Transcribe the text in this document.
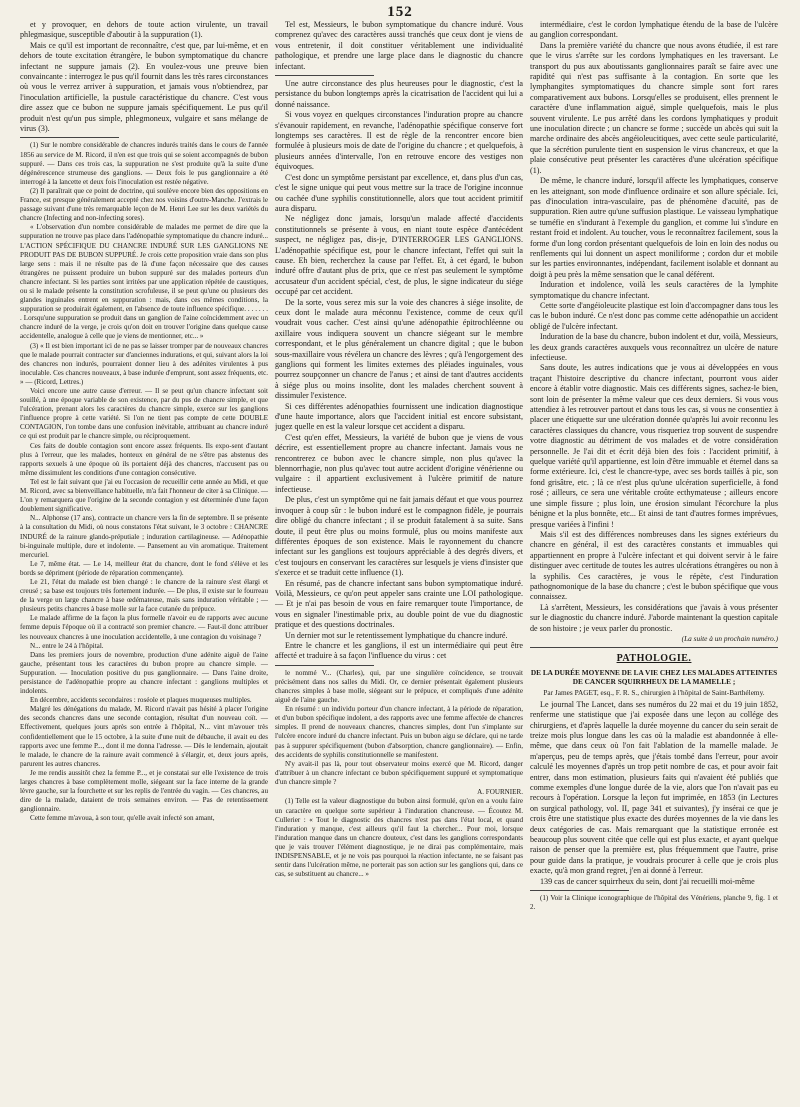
152

et y provoquer, en dehors de toute action virulente, un travail phlegmasique, susceptible d'aboutir à la suppuration (1).

Mais ce qu'il est important de reconnaître, c'est que, par lui-même, et en dehors de toute excitation étrangère, le bubon symptomatique du chancre infectant ne suppure jamais (2). En voulez-vous une preuve bien convaincante : interrogez le pus qu'il fournit dans les très rares circonstances où vous le verrez arriver à suppuration, et jamais vous n'obtiendrez, par l'inoculation artificielle, la pustule caractéristique du chancre. C'est vous dire assez que ce bubon ne suppure jamais spécifiquement. Le pus qu'il produit n'est qu'un pus simple, phlegmoneux, vulgaire et sans mélange de virus (3).

(1) Sur le nombre considérable de chancres indurés traités dans le cours de l'année 1856 au service de M. Ricord, il n'en est que trois qui se soient accompagnés de bubon suppuré. — Dans ces trois cas, la suppuration ne s'est produite qu'à la suite d'une dégénérescence strumeuse des ganglions. — Deux fois le pus ganglionnaire a été interrogé à la lancette et deux fois l'inoculation est restée négative.

(2) Il paraîtrait que ce point de doctrine, qui soulève encore bien des oppositions en France, est presque généralement accepté chez nos voisins d'outre-Manche. J'extrais le passage suivant d'une très remarquable leçon de M. Henri Lee sur les deux variétés du chancre (Infecting and non-infecting sores).

« L'observation d'un nombre considérable de malades me permet de dire que la suppuration ne trouve pas place dans l'adénopathie symptomatique du chancre induré... L'ACTION SPÉCIFIQUE DU CHANCRE INDURÉ SUR LES GANGLIONS NE PRODUIT PAS DE BUBON SUPPURÉ. Je crois cette proposition vraie dans son plus large sens : mais il ne résulte pas de là d'une façon nécessaire que des causes étrangères ne puissent produire un bubon suppuré sur des malades porteurs d'un chancre infectant. Si les parties sont irritées par une application répétée de caustiques, ou si le malade présente la constitution scrofuleuse, il se peut qu'une ou plusieurs des glandes inguinales entrent en suppuration : mais, dans ces mêmes conditions, la suppuration se produirait également, en l'absence de toute influence spécifique. . . . . . . . Lorsqu'une suppuration se produit dans un ganglion de l'aine coïncidemment avec un chancre induré de la verge, je crois qu'on doit en trouver l'origine dans quelque cause accidentelle, analogue à celle que je viens de mentionner, etc... »

(3) « Il est bien important ici de ne pas se laisser tromper par de nouveaux chancres que le malade pourrait contracter sur d'anciennes indurations, et qui, suivant alors la loi des chancres non indurés, pourraient donner lieu à des adénites virulentes à pus inoculable. Ces chancres nouveaux, à base indurée d'emprunt, sont assez fréquents, etc. » — (Ricord, Lettres.)

Voici encore une autre cause d'erreur. — Il se peut qu'un chancre infectant soit souillé, à une époque variable de son existence, par du pus de chancre simple, et que l'ulcération, prenant alors les caractères du chancre simple, exerce sur les ganglions l'influence propre à cette variété. Si l'on ne tient pas compte de cette DOUBLE CONTAGION, l'on tombe dans une confusion inévitable, attribuant au chancre induré ce qui est produit par le chancre simple, ou réciproquement.

Ces faits de double contagion sont encore assez fréquents. Ils expo-sent d'autant plus à l'erreur, que les malades, honteux en général de ne s'être pas abstenus des rapports sexuels à une époque où ils portaient déjà des chancres, n'accusent pas ou même dissimulent les conditions d'une contagion consécutive.

Tel est le fait suivant que j'ai eu l'occasion de recueillir cette année au Midi, et que M. Ricord, avec sa bienveillance habituelle, m'a fait l'honneur de citer à sa Clinique. — L'on y remarquera que l'origine de la seconde contagion y est déterminée d'une façon doublement significative.

N... Alphonse (17 ans), contracte un chancre vers la fin de septembre. Il se présente à la consultation du Midi, où nous constatons l'état suivant, le 3 octobre : CHANCRE INDURÉ de la rainure glando-préputiale ; induration cartilagineuse. — Adénopathie bi-inguinale multiple, dure et indolente. — Pansement au vin aromatique. Traitement mercuriel.

Le 7, même état. — Le 14, meilleur état du chancre, dont le fond s'élève et les bords se dépriment (période de réparation commençante).

Le 21, l'état du malade est bien changé : le chancre de la rainure s'est élargi et creusé ; sa base est toujours très fortement indurée. — De plus, il existe sur le fourreau de la verge un large chancre à base œdémateuse, mais sans induration véritable ; — plusieurs petits chancres à base molle sur la face cutanée du prépuce.

Le malade affirme de la façon la plus formelle n'avoir eu de rapports avec aucune femme depuis l'époque où il a contracté son premier chancre. — Faut-il donc attribuer les nouveaux chancres à une inoculation accidentelle, à une contagion du voisinage ?

N... entre le 24 à l'hôpital.

Dans les premiers jours de novembre, production d'une adénite aiguë de l'aine gauche, présentant tous les caractères du bubon propre au chancre simple. — Suppuration. — Inoculation positive du pus ganglionnaire. — Dans l'aine droite, persistance de l'adénopathie propre au chancre infectant : ganglions multiples et indolents.

En décembre, accidents secondaires : roséole et plaques muqueuses multiples.

Malgré les dénégations du malade, M. Ricord n'avait pas hésité à placer l'origine des seconds chancres dans une seconde contagion, résultat d'un nouveau coït. — Effectivement, quelques jours après son entrée à l'hôpital, N... vint m'avouer très confidentiellement que le 15 octobre, à la suite d'une nuit de débauche, il avait eu des rapports avec une femme P..., dont il me donna l'adresse. — Dès le lendemain, ajoutait le malade, le chancre de la rainure avait commencé à s'élargir, et, deux jours après, parurent les autres chancres.

Je me rendis aussitôt chez la femme P..., et je constatai sur elle l'existence de trois larges chancres à base complètement molle, siégeant sur la face interne de la grande lèvre gauche, sur la fourchette et sur les replis de l'entrée du vagin. — Ces chancres, au dire de la malade, dataient de trois semaines environ. — Pas de retentissement ganglionnaire.

Cette femme m'avoua, à son tour, qu'elle avait infecté son amant,

Tel est, Messieurs, le bubon symptomatique du chancre induré. Vous comprenez qu'avec des caractères aussi tranchés que ceux dont je viens de vous entretenir, il doit constituer véritablement une individualité pathologique, et prendre une large place dans le diagnostic du chancre infectant.

Une autre circonstance des plus heureuses pour le diagnostic, c'est la persistance du bubon longtemps après la cicatrisation de l'accident qui lui a donné naissance.

Si vous voyez en quelques circonstances l'induration propre au chancre s'évanouir rapidement, en revanche, l'adénopathie spécifique conserve fort longtemps ses caractères. Il est de règle de la rencontrer encore bien formulée à plusieurs mois de date de l'origine du chancre ; et quelquefois, à plusieurs années d'intervalle, l'on en retrouve encore des vestiges non équivoques.

C'est donc un symptôme persistant par excellence, et, dans plus d'un cas, c'est le signe unique qui peut vous mettre sur la trace de l'origine inconnue ou cachée d'une syphilis constitutionnelle, alors que tout accident primitif aura disparu.

Ne négligez donc jamais, lorsqu'un malade affecté d'accidents constitutionnels se présente à vous, en niant toute espèce d'antécédent suspect, ne négligez pas, dis-je, D'INTERROGER LES GANGLIONS. L'adénopathie spécifique est, pour le chancre infectant, l'effet qui suit la cause. Eh bien, recherchez la cause par l'effet. Et, à cet égard, le bubon induré offre d'autant plus de prix, que ce n'est pas seulement le symptôme accusateur d'un accident spécial, c'est, de plus, le signe indicateur du siége occupé par cet accident.

De la sorte, vous serez mis sur la voie des chancres à siége insolite, de ceux dont le malade aura méconnu l'existence, comme de ceux qu'il voudrait vous cacher. C'est ainsi qu'une adénopathie épitrochléenne ou axillaire vous indiquera souvent un chancre siégeant sur le membre correspondant, et le plus généralement un chancre digital ; que le bubon sous-maxillaire vous révélera un chancre des lèvres ; qu'à l'engorgement des ganglions qui forment les limites externes des pléiades inguinales, vous pourrez soupçonner un chancre de l'anus ; et ainsi de tant d'autres accidents à siége plus ou moins insolite, dont les malades cherchent souvent à dissimuler l'existence.

Si ces différentes adénopathies fournissent une indication diagnostique d'une haute importance, alors que l'accident initial est encore subsistant, jugez quelle en est la valeur lorsque cet accident a disparu.

C'est qu'en effet, Messieurs, la variété de bubon que je viens de vous décrire, est essentiellement propre au chancre infectant. Jamais vous ne rencontrerez ce bubon avec le chancre simple, non plus qu'avec la blennorrhagie, non plus qu'avec tout autre accident d'origine vénérienne ou vulgaire : il appartient exclusivement à l'ulcère primitif de nature infectieuse.

De plus, c'est un symptôme qui ne fait jamais défaut et que vous pourrez invoquer à coup sûr : le bubon induré est le compagnon fidèle, je pourrais dire obligé du chancre infectant ; il se produit fatalement à sa suite. Sans doute, il peut être plus ou moins formulé, plus ou moins manifeste aux différentes époques de son existence. Mais le rayonnement du chancre infectant sur les ganglions est toujours appréciable à des degrés divers, et c'est toujours en conservant les caractères sur lesquels je viens d'insister que s'exerce et se traduit cette influence (1).

En résumé, pas de chancre infectant sans bubon symptomatique induré. Voilà, Messieurs, ce qu'on peut appeler sans crainte une LOI pathologique. — Et je n'ai pas besoin de vous en faire remarquer toute l'importance, de vous en signaler l'inestimable prix, au double point de vue du diagnostic pratique et des questions doctrinales.

Un dernier mot sur le retentissement lymphatique du chancre induré.

Entre le chancre et les ganglions, il est un intermédiaire qui peut être affecté et traduire à sa façon l'influence du virus : cet

le nommé V... (Charles), qui, par une singulière coïncidence, se trouvait précisément dans nos salles du Midi. Or, ce dernier présentait également plusieurs chancres simples à base molle, siégeant sur le prépuce, et compliqués d'une adénite aiguë de l'aine gauche.

En résumé : un individu porteur d'un chancre infectant, à la période de réparation, et d'un bubon spécifique indolent, a des rapports avec une femme affectée de chancres simples. Il prend de nouveaux chancres, chancres simples, dont l'un s'implante sur l'ulcère encore induré du chancre infectant. Puis un bubon aigu se déclare, qui ne tarde pas à suppurer spécifiquement (bubon d'absorption, chancre ganglionnaire). — Enfin, des accidents de syphilis constitutionnelle se manifestent.

N'y avait-il pas là, pour tout observateur moins exercé que M. Ricord, danger d'attribuer à un chancre infectant ce bubon spécifiquement suppuré et symptomatique d'un chancre simple ?

A. FOURNIER.

(1) Telle est la valeur diagnostique du bubon ainsi formulé, qu'on en a voulu faire un caractère en quelque sorte supérieur à l'induration chancreuse. — Écoutez M. Cullerier : « Tout le diagnostic des chancres n'est pas dans l'état local, et quand l'induration y manque, c'est ailleurs qu'il faut la chercher... Pour moi, lorsque l'induration manque dans un chancre douteux, c'est dans les ganglions correspondants que je vais trouver l'élément diagnostique, je ne dirai pas complémentaire, mais INDISPENSABLE, et je ne vois pas pourquoi la réaction infectante, ne se faisant pas sentir dans l'ulcération même, ne porterait pas son action sur les ganglions qui, dans ce cas, se substituent au chancre... »

intermédiaire, c'est le cordon lymphatique étendu de la base de l'ulcère au ganglion correspondant.

Dans la première variété du chancre que nous avons étudiée, il est rare que le virus s'arrête sur les cordons lymphatiques en les traversant. Le transport du pus aux aboutissants ganglionnaires paraît se faire avec une rapidité qui n'est pas suffisante à la contagion. En sorte que les lymphangites symptomatiques du chancre simple sont fort rares comparativement aux bubons. Lorsqu'elles se produisent, elles prennent le caractère d'une inflammation aiguë, simple quelquefois, mais le plus souvent virulente. Le pus arrêté dans les cordons lymphatiques y produit une inoculation directe ; un chancre se forme ; succède un abcès qui suit la marche ordinaire des abcès angéioleucitiques, avec cette seule particularité, que la sécrétion purulente tient en suspension le virus chancreux, et que la plaie consécutive peut présenter les caractères d'une ulcération spécifique (1).

De même, le chancre induré, lorsqu'il affecte les lymphatiques, conserve en les atteignant, son mode d'influence ordinaire et son allure spéciale. Ici, pas d'inoculation intra-vasculaire, pas de phénomène d'acuité, pas de suppuration. Rien autre qu'une suffusion plastique. Le vaisseau lymphatique se tuméfie en s'indurant à l'exemple du ganglion, et comme lui s'indure en restant froid et indolent. Au toucher, vous le reconnaîtrez facilement, sous la forme d'un long cordon présentant quelquefois de loin en loin des nodus ou renflements qui lui donnent un aspect moniliforme ; cordon dur et mobile sur les parties environnantes, indépendant, facilement isolable et donnant au doigt à peu près la même sensation que le canal déférent.

Induration et indolence, voilà les seuls caractères de la lymphite symptomatique du chancre infectant.

Cette sorte d'angéioleucite plastique est loin d'accompagner dans tous les cas le bubon induré. Ce n'est donc pas comme cette adénopathie un accident obligé de l'ulcère infectant.

Induration de la base du chancre, bubon indolent et dur, voilà, Messieurs, les deux grands caractères auxquels vous reconnaîtrez un ulcère de nature infectieuse.

Sans doute, les autres indications que je vous ai développées en vous traçant l'histoire descriptive du chancre infectant, pourront vous aider encore à établir votre diagnostic. Mais ces différents signes, sachez-le bien, sont loin de présenter la même valeur que ces deux derniers. Si vous vous attendiez à les retrouver partout et dans tous les cas, si vous ne consentiez à placer une étiquette sur une ulcération donnée qu'après lui avoir reconnu les caractères classiques du chancre, vous risqueriez trop souvent de suspendre votre diagnostic au détriment de vos malades et de votre considération personnelle. Je l'ai dit et écrit déjà bien des fois : l'accident primitif, à quelque variété qu'il appartienne, est loin d'être immuable et éternel dans sa forme extérieure. Ici, c'est le chancre-type, avec ses bords taillés à pic, son fond grisâtre, etc. ; là ce n'est plus qu'une ulcération superficielle, à fond rosé ; ailleurs, ce sera une véritable croûte ecthymateuse ; ailleurs encore une simple fissure ; plus loin, une érosion simulant l'écorchure la plus bénigne et la plus bonnête, etc... Et ainsi de tant d'autres formes imprévues, presque variées à l'infini !

Mais s'il est des différences nombreuses dans les signes extérieurs du chancre en général, il est des caractères constants et immuables qui appartiennent en propre à l'ulcère infectant et qui doivent servir à le faire distinguer avec certitude de toutes les autres ulcérations étrangères ou non à la syphilis. Ces caractères, je vous le répète, c'est l'induration pathognomonique de la base du chancre ; c'est le bubon spécifique que vous connaissez.

Là s'arrêtent, Messieurs, les considérations que j'avais à vous présenter sur le diagnostic du chancre induré. J'aborde maintenant la question capitale de son histoire ; je veux parler du pronostic.

(La suite à un prochain numéro.)
PATHOLOGIE.
DE LA DURÉE MOYENNE DE LA VIE CHEZ LES MALADES ATTEINTES DE CANCER SQUIRRHEUX DE LA MAMELLE ;
Par James PAGET, esq., F. R. S., chirurgien à l'hôpital de Saint-Barthélemy.

Le journal The Lancet, dans ses numéros du 22 mai et du 19 juin 1852, renferme une statistique que j'ai exposée dans une leçon au collége des chirurgiens, et d'après laquelle la durée moyenne du cancer du sein serait de treize mois plus longue dans les cas où la maladie est abandonnée à elle-même, que dans ceux où l'on fait l'ablation de la mamelle malade. Je m'aperçus, peu de temps après, que j'étais tombé dans l'erreur, pour avoir calculé les moyennes d'après un trop petit nombre de cas, et pour avoir fait entrer, dans mon estimation, plusieurs faits qui n'avaient été publiés que comme exemples d'une longue durée de la vie, alors que l'on n'avait pas eu recours à l'opération. Lorsque la leçon fut imprimée, en 1853 (in Lectures on surgical pathology, vol. II, page 341 et suivantes), j'y insérai ce que je crois être une statistique plus exacte des durées moyennes de la vie dans les deux catégories de cas. Mais remarquant que la statistique erronée est beaucoup plus souvent citée que celle qui est plus exacte, et ayant quelque raison de penser que la première est, plus fréquemment que l'autre, prise pour guide dans la pratique, je voudrais procurer à celle que je crois plus exacte, qu'à mon grand regret, j'en ai donné à l'erreur.

139 cas de cancer squirrheux du sein, dont j'ai recueilli moi-même

(1) Voir la Clinique iconographique de l'hôpital des Vénériens, planche 9, fig. 1 et 2.
